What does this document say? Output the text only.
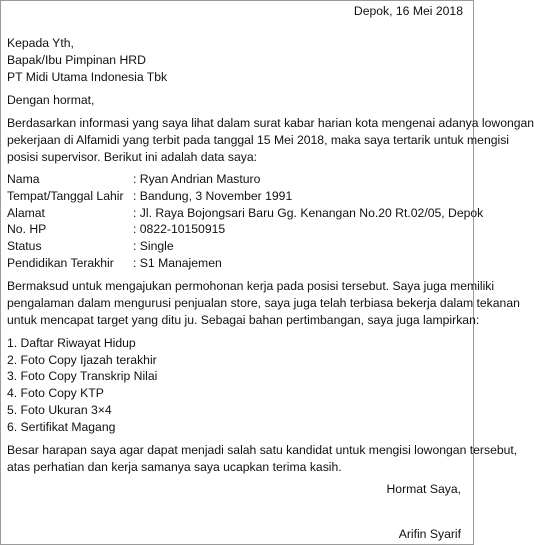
Depok, 16 Mei 2018
Kepada Yth,
Bapak/Ibu Pimpinan HRD
PT Midi Utama Indonesia Tbk
Dengan hormat,
Berdasarkan informasi yang saya lihat dalam surat kabar harian kota mengenai adanya lowongan
pekerjaan di Alfamidi yang terbit pada tanggal 15 Mei 2018, maka saya tertarik untuk mengisi
posisi supervisor. Berikut ini adalah data saya:
Nama	: Ryan Andrian Masturo
Tempat/Tanggal Lahir : Bandung, 3 November 1991
Alamat	: Jl. Raya Bojongsari Baru Gg. Kenangan No.20 Rt.02/05, Depok
No. HP	: 0822-10150915
Status	: Single
Pendidikan Terakhir : S1 Manajemen
Bermaksud untuk mengajukan permohonan kerja pada posisi tersebut. Saya juga memiliki
pengalaman dalam mengurusi penjualan store, saya juga telah terbiasa bekerja dalam tekanan
untuk mencapat target yang ditu ju. Sebagai bahan pertimbangan, saya juga lampirkan:
1. Daftar Riwayat Hidup
2. Foto Copy Ijazah terakhir
3. Foto Copy Transkrip Nilai
4. Foto Copy KTP
5. Foto Ukuran 3×4
6. Sertifikat Magang
Besar harapan saya agar dapat menjadi salah satu kandidat untuk mengisi lowongan tersebut,
atas perhatian dan kerja samanya saya ucapkan terima kasih.
Hormat Saya,
Arifin Syarif
